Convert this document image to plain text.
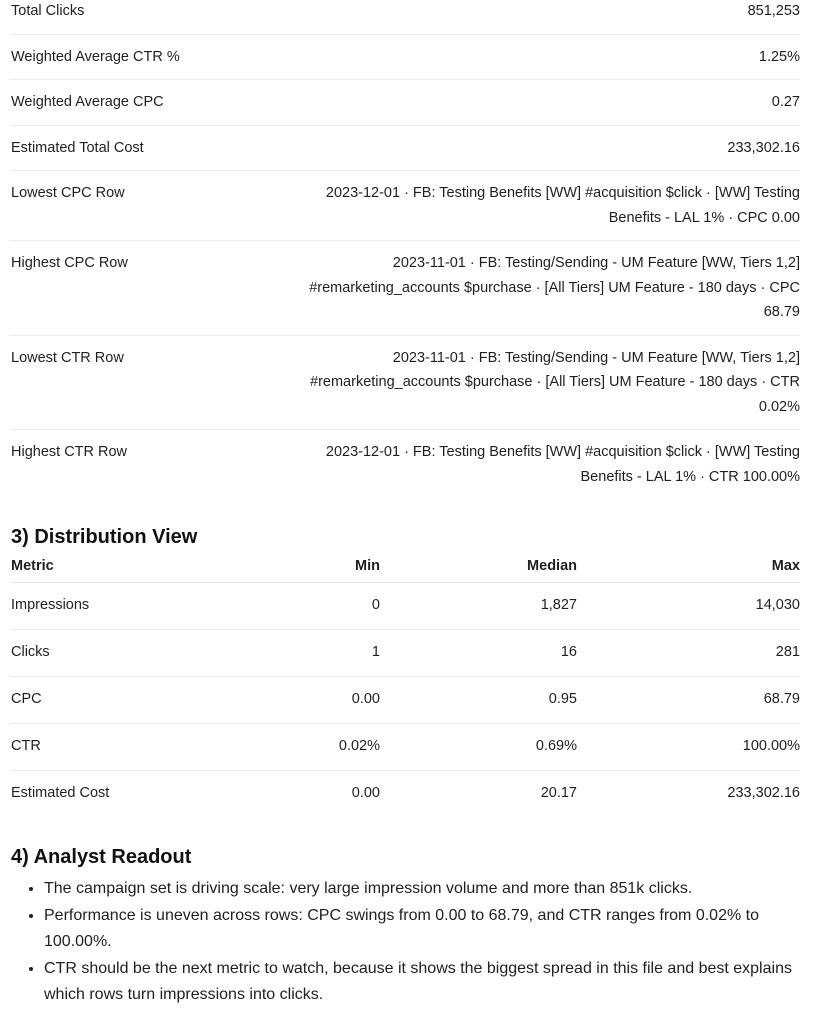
Total Clicks	851,253
Weighted Average CTR %	1.25%
Weighted Average CPC	0.27
Estimated Total Cost	233,302.16
Lowest CPC Row	2023-12-01 · FB: Testing Benefits [WW] #acquisition $click · [WW] Testing Benefits - LAL 1% · CPC 0.00
Highest CPC Row	2023-11-01 · FB: Testing/Sending - UM Feature [WW, Tiers 1,2] #remarketing_accounts $purchase · [All Tiers] UM Feature - 180 days · CPC 68.79
Lowest CTR Row	2023-11-01 · FB: Testing/Sending - UM Feature [WW, Tiers 1,2] #remarketing_accounts $purchase · [All Tiers] UM Feature - 180 days · CTR 0.02%
Highest CTR Row	2023-12-01 · FB: Testing Benefits [WW] #acquisition $click · [WW] Testing Benefits - LAL 1% · CTR 100.00%
3) Distribution View
Metric	Min	Median	Max
Impressions	0	1,827	14,030
Clicks	1	16	281
CPC	0.00	0.95	68.79
CTR	0.02%	0.69%	100.00%
Estimated Cost	0.00	20.17	233,302.16
4) Analyst Readout
• The campaign set is driving scale: very large impression volume and more than 851k clicks.
• Performance is uneven across rows: CPC swings from 0.00 to 68.79, and CTR ranges from 0.02% to 100.00%.
• CTR should be the next metric to watch, because it shows the biggest spread in this file and best explains which rows turn impressions into clicks.
